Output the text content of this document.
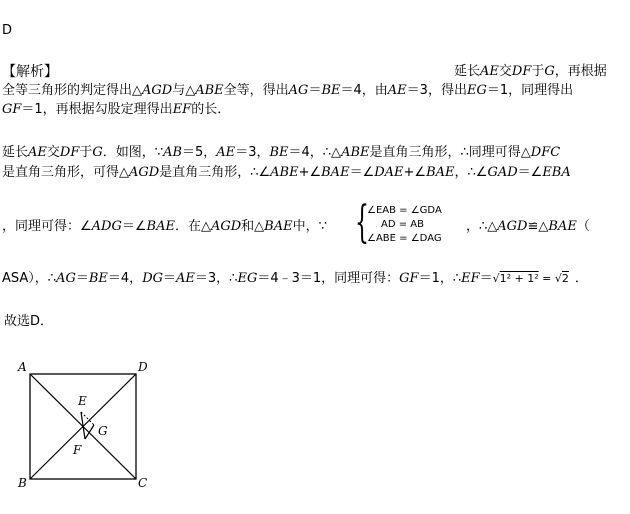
D
【解析】	延长AE交DF于G，再根据
全等三角形的判定得出△AGD与△ABE全等，得出AG＝BE＝4，由AE＝3，得出EG＝1，同理得出
GF＝1，再根据勾股定理得出EF的长．
延长AE交DF于G．如图，∵AB＝5，AE＝3，BE＝4，∴△ABE是直角三角形，∴同理可得△DFC
是直角三角形，可得△AGD是直角三角形，∴∠ABE+∠BAE＝∠DAE+∠BAE，∴∠GAD＝∠EBA
，同理可得：∠ADG＝∠BAE．在△AGD和△BAE中，∵ {
∠EAB = ∠GDA
AD = AB
∠ABE = ∠DAG
，∴△AGD≌△BAE（
ASA），∴AG＝BE＝4，DG＝AE＝3，∴EG＝4﹣3＝1，同理可得：GF＝1，∴EF＝√1² + 1² = √2 ．
故选D．
A	D
B	C
E
F
G
